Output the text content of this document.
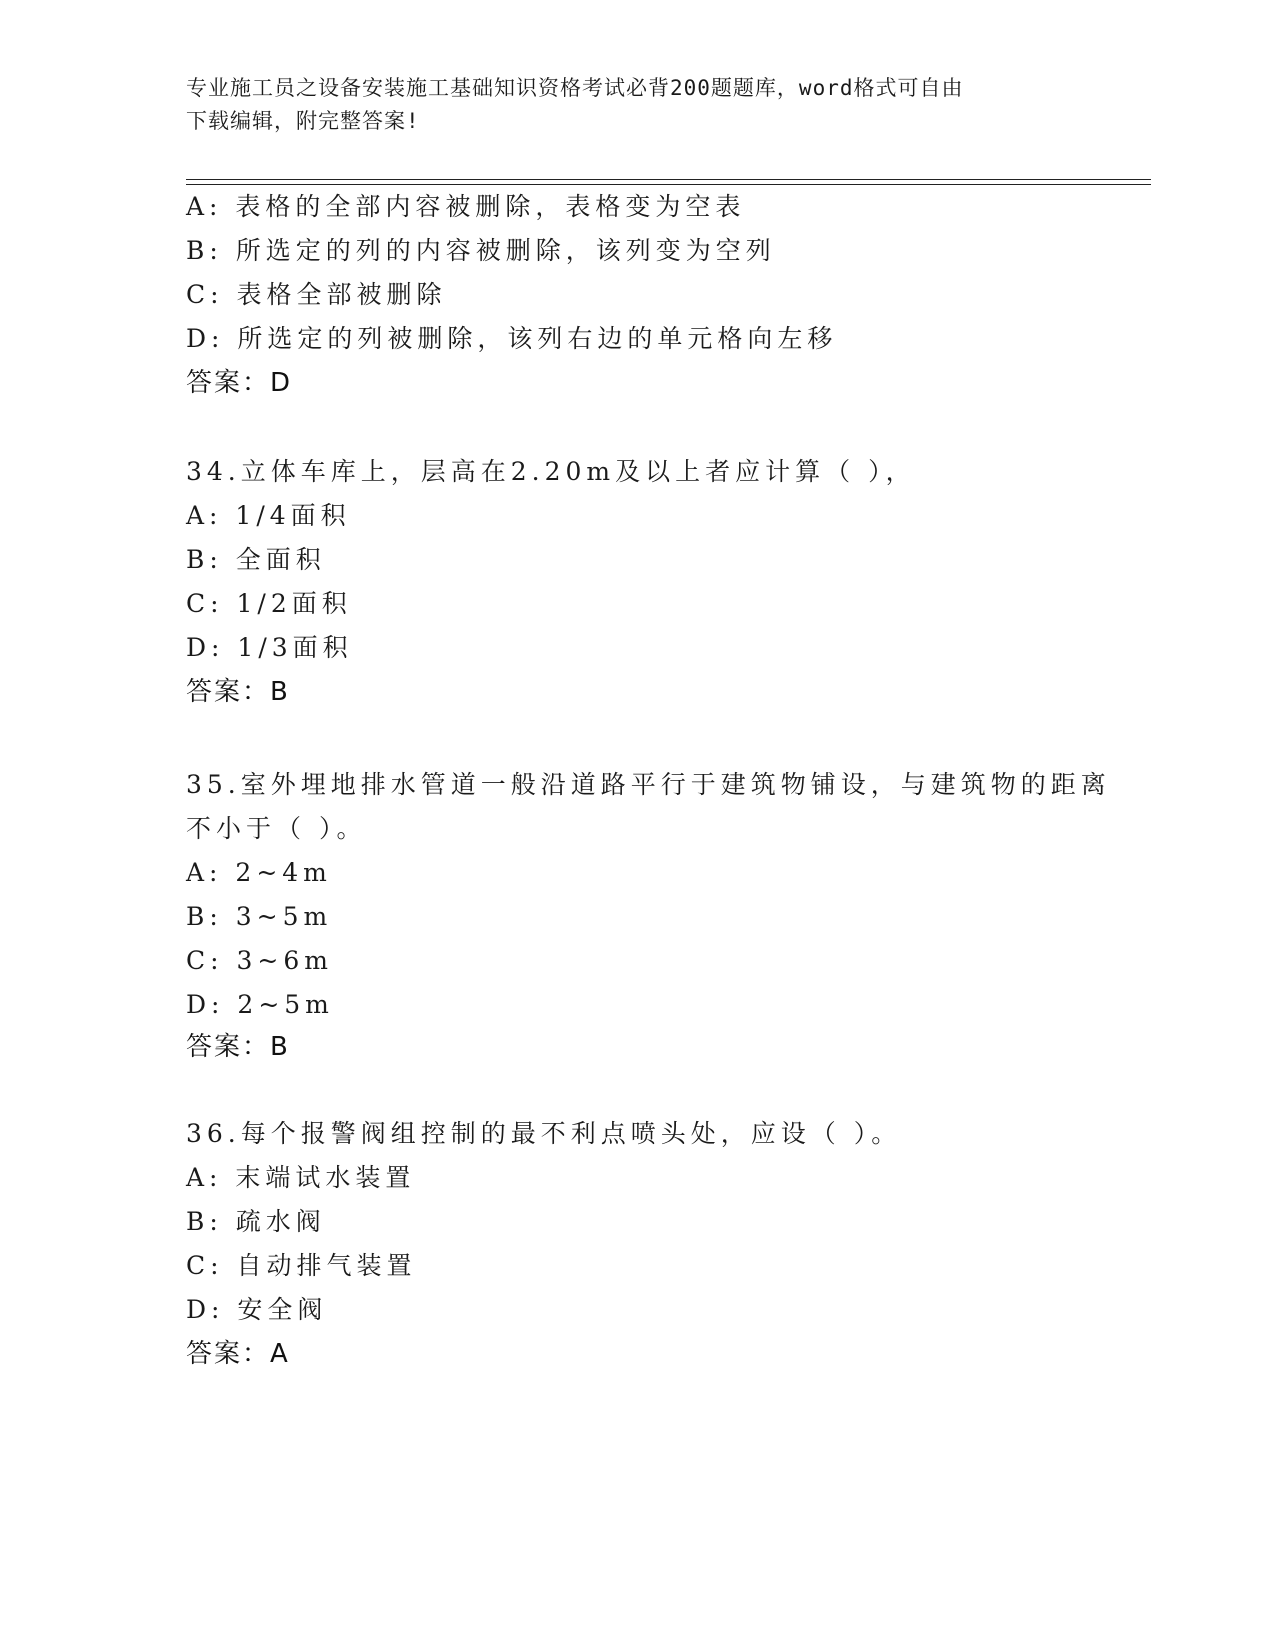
专业施工员之设备安装施工基础知识资格考试必背200题题库，word格式可自由
下载编辑，附完整答案!
A: 表格的全部内容被删除，表格变为空表
B: 所选定的列的内容被删除，该列变为空列
C: 表格全部被删除
D: 所选定的列被删除，该列右边的单元格向左移
答案：D
34.立体车库上，层高在2.20m及以上者应计算（ ），
A: 1/4面积
B: 全面积
C: 1/2面积
D: 1/3面积
答案：B
35.室外埋地排水管道一般沿道路平行于建筑物铺设，与建筑物的距离
不小于（ ）。
A: 2~4m
B: 3~5m
C: 3~6m
D: 2~5m
答案：B
36.每个报警阀组控制的最不利点喷头处，应设（ ）。
A: 末端试水装置
B: 疏水阀
C: 自动排气装置
D: 安全阀
答案：A
